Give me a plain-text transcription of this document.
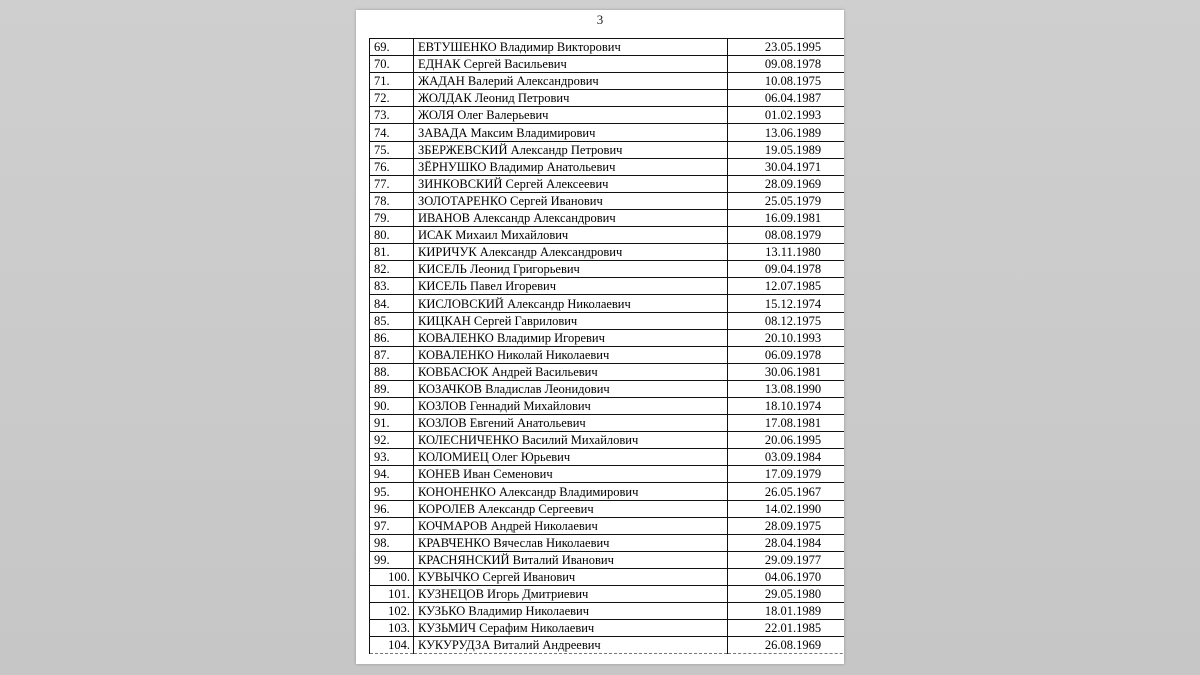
3
69.	ЕВТУШЕНКО Владимир Викторович	23.05.1995
70.	ЕДНАК Сергей Васильевич	09.08.1978
71.	ЖАДАН Валерий Александрович	10.08.1975
72.	ЖОЛДАК Леонид Петрович	06.04.1987
73.	ЖОЛЯ Олег Валерьевич	01.02.1993
74.	ЗАВАДА Максим Владимирович	13.06.1989
75.	ЗБЕРЖЕВСКИЙ Александр Петрович	19.05.1989
76.	ЗЁРНУШКО Владимир Анатольевич	30.04.1971
77.	ЗИНКОВСКИЙ Сергей Алексеевич	28.09.1969
78.	ЗОЛОТАРЕНКО Сергей Иванович	25.05.1979
79.	ИВАНОВ Александр Александрович	16.09.1981
80.	ИСАК Михаил Михайлович	08.08.1979
81.	КИРИЧУК Александр Александрович	13.11.1980
82.	КИСЕЛЬ Леонид Григорьевич	09.04.1978
83.	КИСЕЛЬ Павел Игоревич	12.07.1985
84.	КИСЛОВСКИЙ Александр Николаевич	15.12.1974
85.	КИЦКАН Сергей Гаврилович	08.12.1975
86.	КОВАЛЕНКО Владимир Игоревич	20.10.1993
87.	КОВАЛЕНКО Николай Николаевич	06.09.1978
88.	КОВБАСЮК Андрей Васильевич	30.06.1981
89.	КОЗАЧКОВ Владислав Леонидович	13.08.1990
90.	КОЗЛОВ Геннадий Михайлович	18.10.1974
91.	КОЗЛОВ Евгений Анатольевич	17.08.1981
92.	КОЛЕСНИЧЕНКО Василий Михайлович	20.06.1995
93.	КОЛОМИЕЦ Олег Юрьевич	03.09.1984
94.	КОНЕВ Иван Семенович	17.09.1979
95.	КОНОНЕНКО Александр Владимирович	26.05.1967
96.	КОРОЛЕВ Александр Сергеевич	14.02.1990
97.	КОЧМАРОВ Андрей Николаевич	28.09.1975
98.	КРАВЧЕНКО Вячеслав Николаевич	28.04.1984
99.	КРАСНЯНСКИЙ Виталий Иванович	29.09.1977
100.	КУВЫЧКО Сергей Иванович	04.06.1970
101.	КУЗНЕЦОВ Игорь Дмитриевич	29.05.1980
102.	КУЗЬКО Владимир Николаевич	18.01.1989
103.	КУЗЬМИЧ Серафим Николаевич	22.01.1985
104.	КУКУРУДЗА Виталий Андреевич	26.08.1969
